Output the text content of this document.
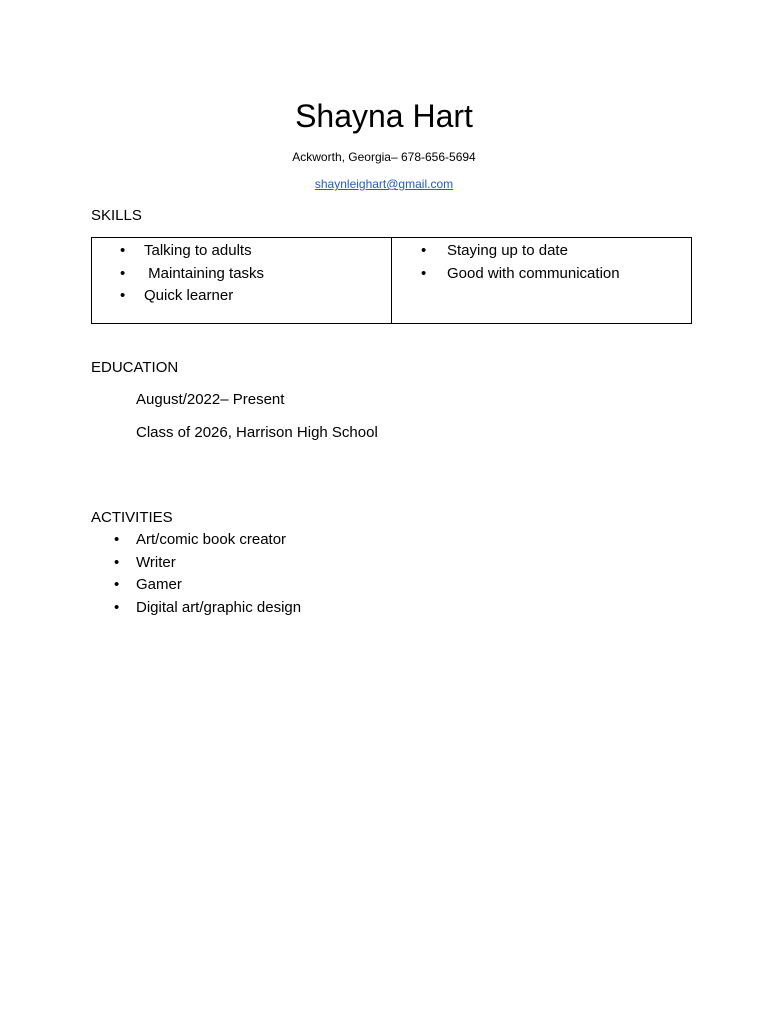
Shayna Hart
Ackworth, Georgia– 678-656-5694
shaynleighart@gmail.com
SKILLS
• Talking to adults
•  Maintaining tasks
• Quick learner
• Staying up to date
• Good with communication
EDUCATION
August/2022– Present
Class of 2026, Harrison High School
ACTIVITIES
• Art/comic book creator
• Writer
• Gamer
• Digital art/graphic design
